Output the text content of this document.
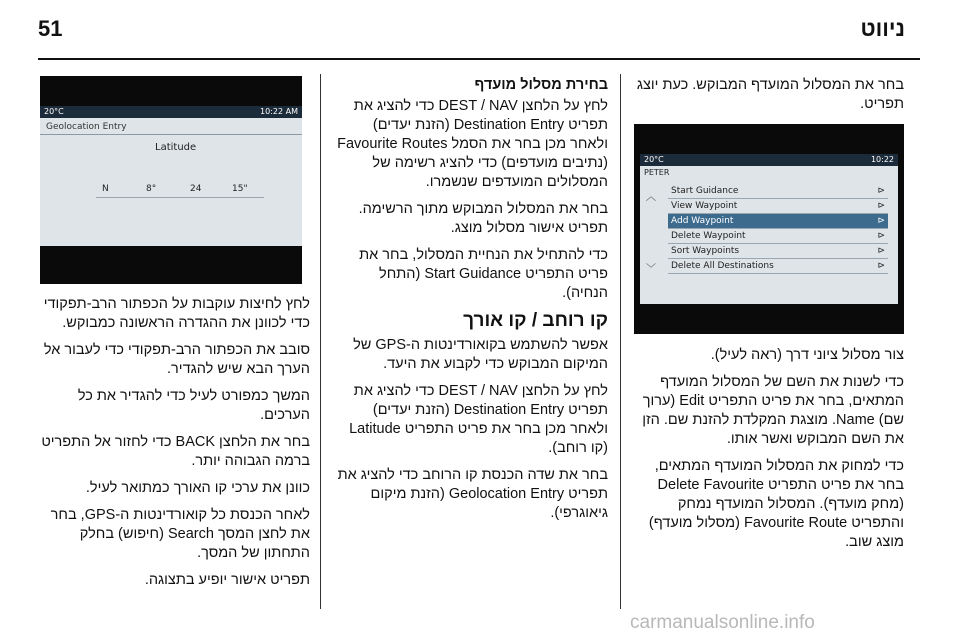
51	ניווט
20°C	10:22 AM
Geolocation Entry
Latitude
N	8°	24	15"

לחץ לחיצות עוקבות על הכפתור הרב-תפקודי כדי לכוונן את ההגדרה הראשונה כמבוקש.

סובב את הכפתור הרב-תפקודי כדי לעבור אל הערך הבא שיש להגדיר.

המשך כמפורט לעיל כדי להגדיר את כל הערכים.

בחר את הלחצן BACK כדי לחזור אל התפריט ברמה הגבוהה יותר.

כוונן את ערכי קו האורך כמתואר לעיל.

לאחר הכנסת כל קואורדינטות ה-GPS, בחר את לחצן המסך Search (חיפוש) בחלק התחתון של המסך.

תפריט אישור יופיע בתצוגה.

בחירת מסלול מועדף

לחץ על הלחצן DEST / NAV כדי להציג את תפריט Destination Entry (הזנת יעדים) ולאחר מכן בחר את הסמל Favourite Routes (נתיבים מועדפים) כדי להציג רשימה של המסלולים המועדפים שנשמרו.

בחר את המסלול המבוקש מתוך הרשימה. תפריט אישור מסלול מוצג.

כדי להתחיל את הנחיית המסלול, בחר את פריט התפריט Start Guidance (התחל הנחיה).

קו רוחב / קו אורך

אפשר להשתמש בקואורדינטות ה-GPS של המיקום המבוקש כדי לקבוע את היעד.

לחץ על הלחצן DEST / NAV כדי להציג את תפריט Destination Entry (הזנת יעדים) ולאחר מכן בחר את פריט התפריט Latitude (קו רוחב).

בחר את שדה הכנסת קו הרוחב כדי להציג את תפריט Geolocation Entry (הזנת מיקום גיאוגרפי).

בחר את המסלול המועדף המבוקש. כעת יוצג תפריט.

20°C	10:22
PETER
︿
﹀
Start Guidance	⊳
View Waypoint	⊳
Add Waypoint	⊳
Delete Waypoint	⊳
Sort Waypoints	⊳
Delete All Destinations	⊳

צור מסלול ציוני דרך (ראה לעיל).

כדי לשנות את השם של המסלול המועדף המתאים, בחר את פריט התפריט Edit (ערוך שם) Name. מוצגת המקלדת להזנת שם. הזן את השם המבוקש ואשר אותו.

כדי למחוק את המסלול המועדף המתאים, בחר את פריט התפריט Delete Favourite (מחק מועדף). המסלול המועדף נמחק והתפריט Favourite Route (מסלול מועדף) מוצג שוב.

carmanualsonline.info
